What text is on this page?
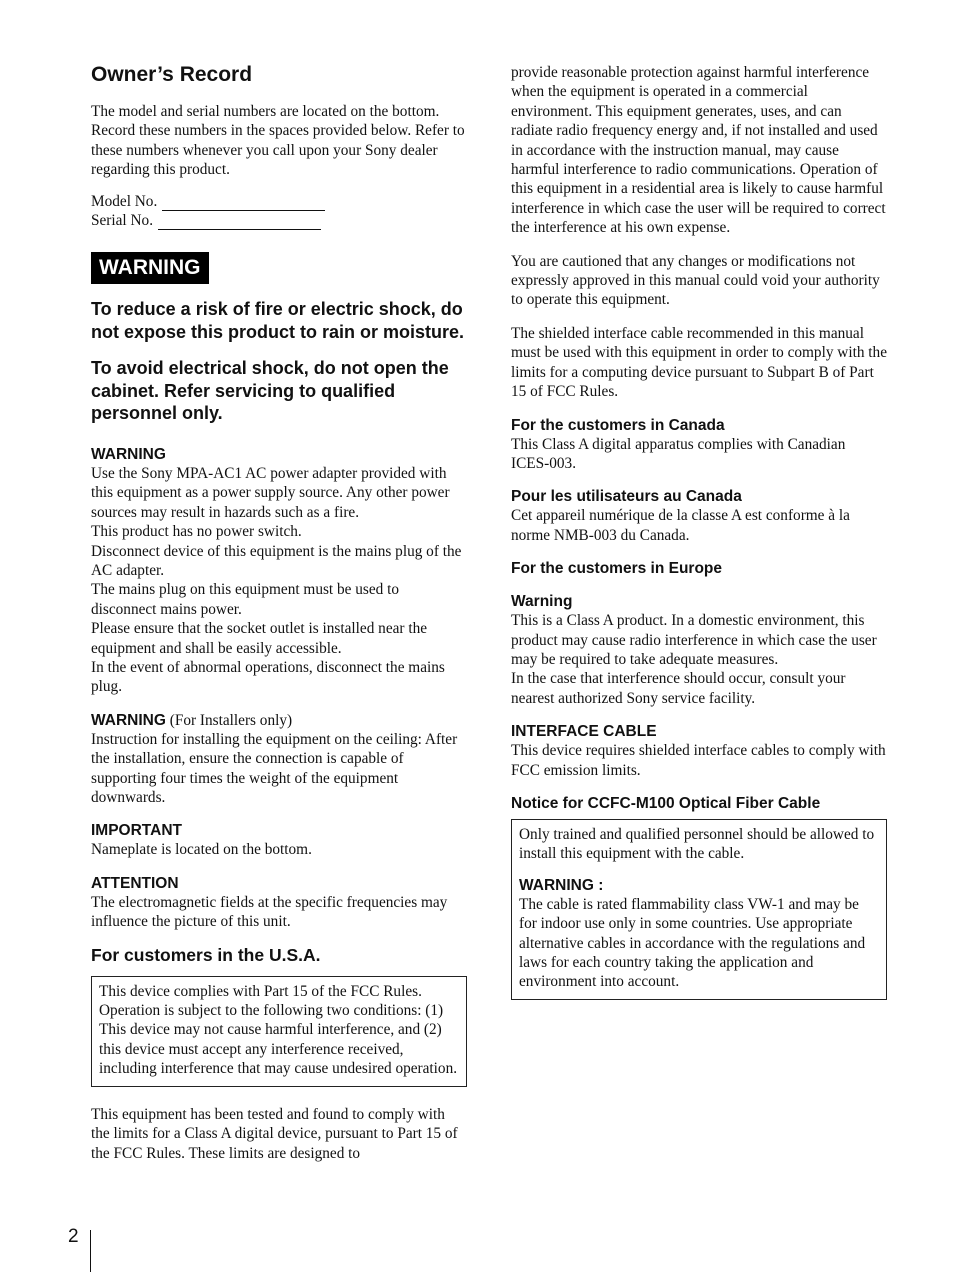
Owner’s Record

The model and serial numbers are located on the bottom. Record these numbers in the spaces provided below. Refer to these numbers whenever you call upon your Sony dealer regarding this product.

Model No.
Serial No.
WARNING

To reduce a risk of fire or electric shock, do not expose this product to rain or moisture.

To avoid electrical shock, do not open the cabinet. Refer servicing to qualified personnel only.

WARNING

Use the Sony MPA-AC1 AC power adapter provided with this equipment as a power supply source. Any other power sources may result in hazards such as a fire.

This product has no power switch.

Disconnect device of this equipment is the mains plug of the AC adapter.

The mains plug on this equipment must be used to disconnect mains power.

Please ensure that the socket outlet is installed near the equipment and shall be easily accessible.

In the event of abnormal operations, disconnect the mains plug.

WARNING (For Installers only)

Instruction for installing the equipment on the ceiling: After the installation, ensure the connection is capable of supporting four times the weight of the equipment downwards.

IMPORTANT

Nameplate is located on the bottom.

ATTENTION

The electromagnetic fields at the specific frequencies may influence the picture of this unit.

For customers in the U.S.A.

This device complies with Part 15 of the FCC Rules. Operation is subject to the following two conditions: (1) This device may not cause harmful interference, and (2) this device must accept any interference received, including interference that may cause undesired operation.

This equipment has been tested and found to comply with the limits for a Class A digital device, pursuant to Part 15 of the FCC Rules. These limits are designed to

provide reasonable protection against harmful interference when the equipment is operated in a commercial environment. This equipment generates, uses, and can radiate radio frequency energy and, if not installed and used in accordance with the instruction manual, may cause harmful interference to radio communications. Operation of this equipment in a residential area is likely to cause harmful interference in which case the user will be required to correct the interference at his own expense.

You are cautioned that any changes or modifications not expressly approved in this manual could void your authority to operate this equipment.

The shielded interface cable recommended in this manual must be used with this equipment in order to comply with the limits for a computing device pursuant to Subpart B of Part 15 of FCC Rules.

For the customers in Canada

This Class A digital apparatus complies with Canadian ICES-003.

Pour les utilisateurs au Canada

Cet appareil numérique de la classe A est conforme à la norme NMB-003 du Canada.

For the customers in Europe
Warning

This is a Class A product. In a domestic environment, this product may cause radio interference in which case the user may be required to take adequate measures.

In the case that interference should occur, consult your nearest authorized Sony service facility.

INTERFACE CABLE

This device requires shielded interface cables to comply with FCC emission limits.

Notice for CCFC-M100 Optical Fiber Cable

Only trained and qualified personnel should be allowed to install this equipment with the cable.

WARNING :

The cable is rated flammability class VW-1 and may be for indoor use only in some countries. Use appropriate alternative cables in accordance with the regulations and laws for each country taking the application and environment into account.

2
